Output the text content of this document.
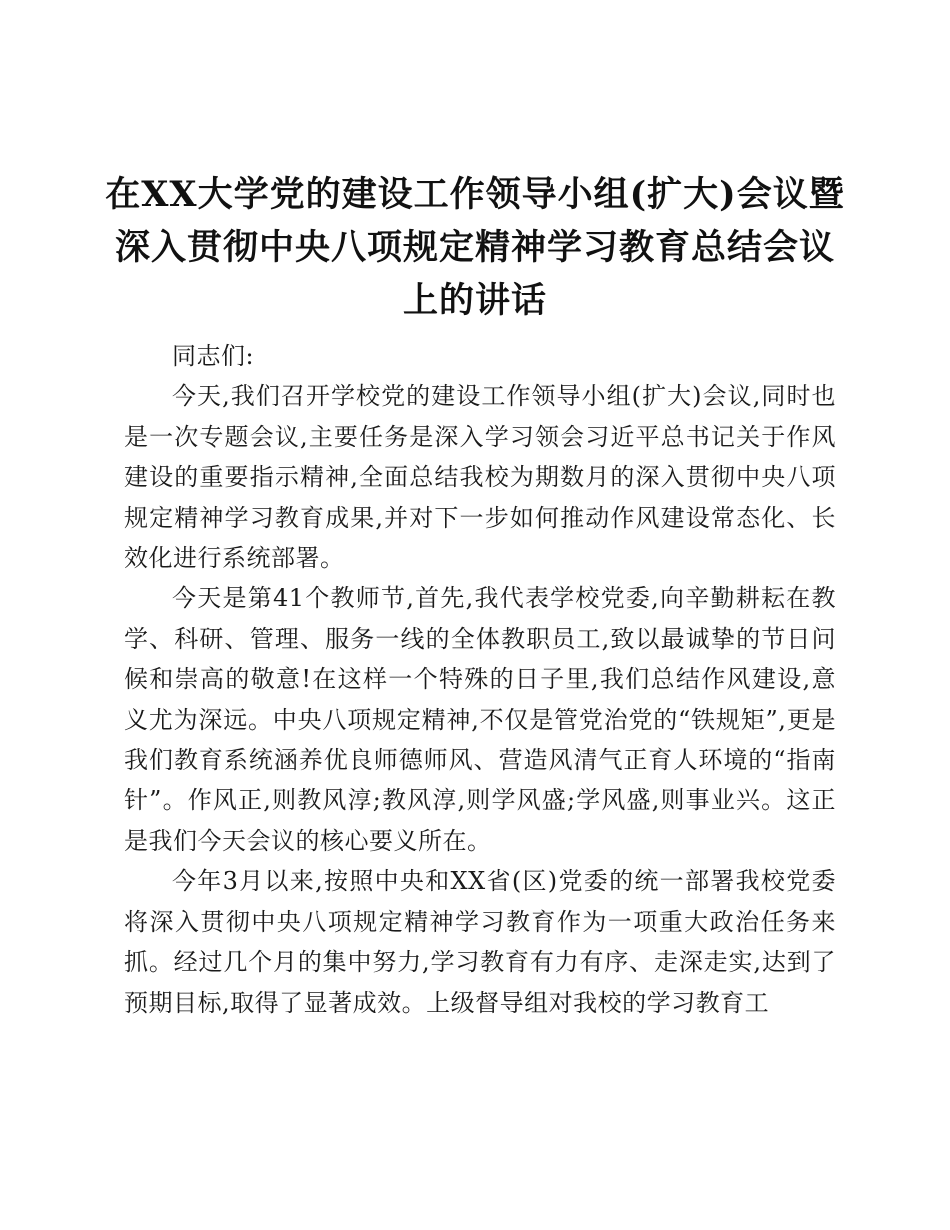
在XX大学党的建设工作领导小组(扩大)会议暨
深入贯彻中央八项规定精神学习教育总结会议
上的讲话

同志们:

今天,我们召开学校党的建设工作领导小组(扩大)会议,同时也是一次专题会议,主要任务是深入学习领会习近平总书记关于作风建设的重要指示精神,全面总结我校为期数月的深入贯彻中央八项规定精神学习教育成果,并对下一步如何推动作风建设常态化、长效化进行系统部署。

今天是第41个教师节,首先,我代表学校党委,向辛勤耕耘在教学、科研、管理、服务一线的全体教职员工,致以最诚挚的节日问候和崇高的敬意!在这样一个特殊的日子里,我们总结作风建设,意义尤为深远。中央八项规定精神,不仅是管党治党的“铁规矩”,更是我们教育系统涵养优良师德师风、营造风清气正育人环境的“指南针”。作风正,则教风淳;教风淳,则学风盛;学风盛,则事业兴。这正是我们今天会议的核心要义所在。

今年3月以来,按照中央和XX省(区)党委的统一部署我校党委将深入贯彻中央八项规定精神学习教育作为一项重大政治任务来抓。经过几个月的集中努力,学习教育有力有序、走深走实,达到了预期目标,取得了显著成效。上级督导组对我校的学习教育工
